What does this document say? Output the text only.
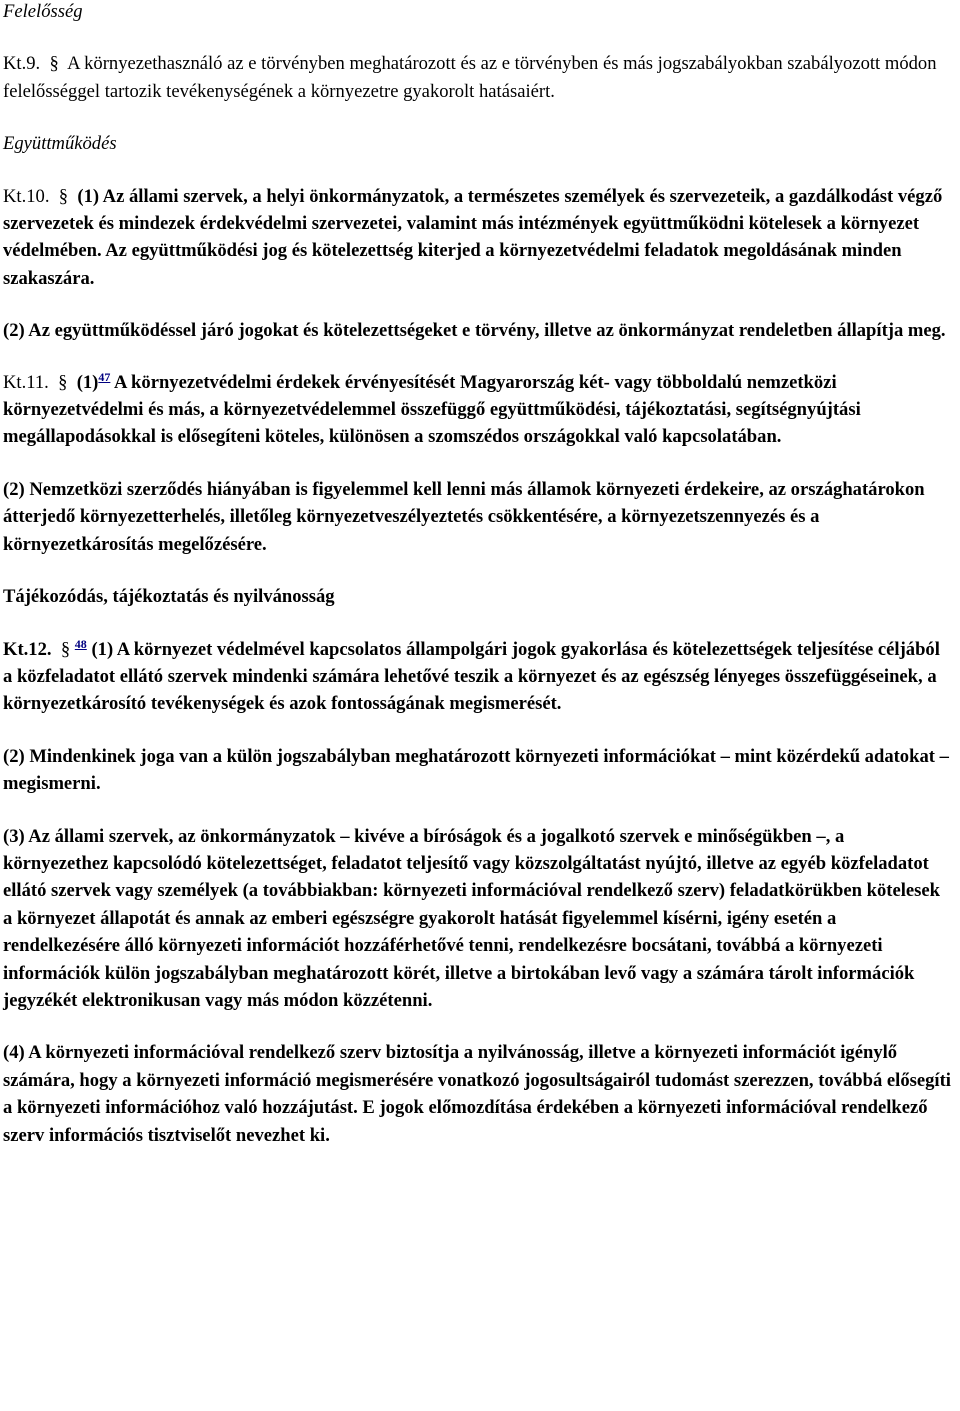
Felelősség

Kt.9. § A környezethasználó az e törvényben meghatározott és az e törvényben és más jogszabályokban szabályozott módon felelősséggel tartozik tevékenységének a környezetre gyakorolt hatásaiért.

Együttműködés

Kt.10. § (1) Az állami szervek, a helyi önkormányzatok, a természetes személyek és szervezeteik, a gazdálkodást végző szervezetek és mindezek érdekvédelmi szervezetei, valamint más intézmények együttműködni kötelesek a környezet védelmében. Az együttműködési jog és kötelezettség kiterjed a környezetvédelmi feladatok megoldásának minden szakaszára.

(2) Az együttműködéssel járó jogokat és kötelezettségeket e törvény, illetve az önkormányzat rendeletben állapítja meg.

Kt.11. § (1)$^{47}$ A környezetvédelmi érdekek érvényesítését Magyarország két- vagy többoldalú nemzetközi környezetvédelmi és más, a környezetvédelemmel összefüggő együttműködési, tájékoztatási, segítségnyújtási megállapodásokkal is elősegíteni köteles, különösen a szomszédos országokkal való kapcsolatában.

(2) Nemzetközi szerződés hiányában is figyelemmel kell lenni más államok környezeti érdekeire, az országhatárokon átterjedő környezetterhelés, illetőleg környezetveszélyeztetés csökkentésére, a környezetszennyezés és a környezetkárosítás megelőzésére.

Tájékozódás, tájékoztatás és nyilvánosság

Kt.12. § $^{48}$ (1) A környezet védelmével kapcsolatos állampolgári jogok gyakorlása és kötelezettségek teljesítése céljából a közfeladatot ellátó szervek mindenki számára lehetővé teszik a környezet és az egészség lényeges összefüggéseinek, a környezetkárosító tevékenységek és azok fontosságának megismerését.

(2) Mindenkinek joga van a külön jogszabályban meghatározott környezeti információkat – mint közérdekű adatokat – megismerni.

(3) Az állami szervek, az önkormányzatok – kivéve a bíróságok és a jogalkotó szervek e minőségükben –, a környezethez kapcsolódó kötelezettséget, feladatot teljesítő vagy közszolgáltatást nyújtó, illetve az egyéb közfeladatot ellátó szervek vagy személyek (a továbbiakban: környezeti információval rendelkező szerv) feladatkörükben kötelesek a környezet állapotát és annak az emberi egészségre gyakorolt hatását figyelemmel kísérni, igény esetén a rendelkezésére álló környezeti információt hozzáférhetővé tenni, rendelkezésre bocsátani, továbbá a környezeti információk külön jogszabályban meghatározott körét, illetve a birtokában levő vagy a számára tárolt információk jegyzékét elektronikusan vagy más módon közzétenni.

(4) A környezeti információval rendelkező szerv biztosítja a nyilvánosság, illetve a környezeti információt igénylő számára, hogy a környezeti információ megismerésére vonatkozó jogosultságairól tudomást szerezzen, továbbá elősegíti a környezeti információhoz való hozzájutást. E jogok előmozdítása érdekében a környezeti információval rendelkező szerv információs tisztviselőt nevezhet ki.
